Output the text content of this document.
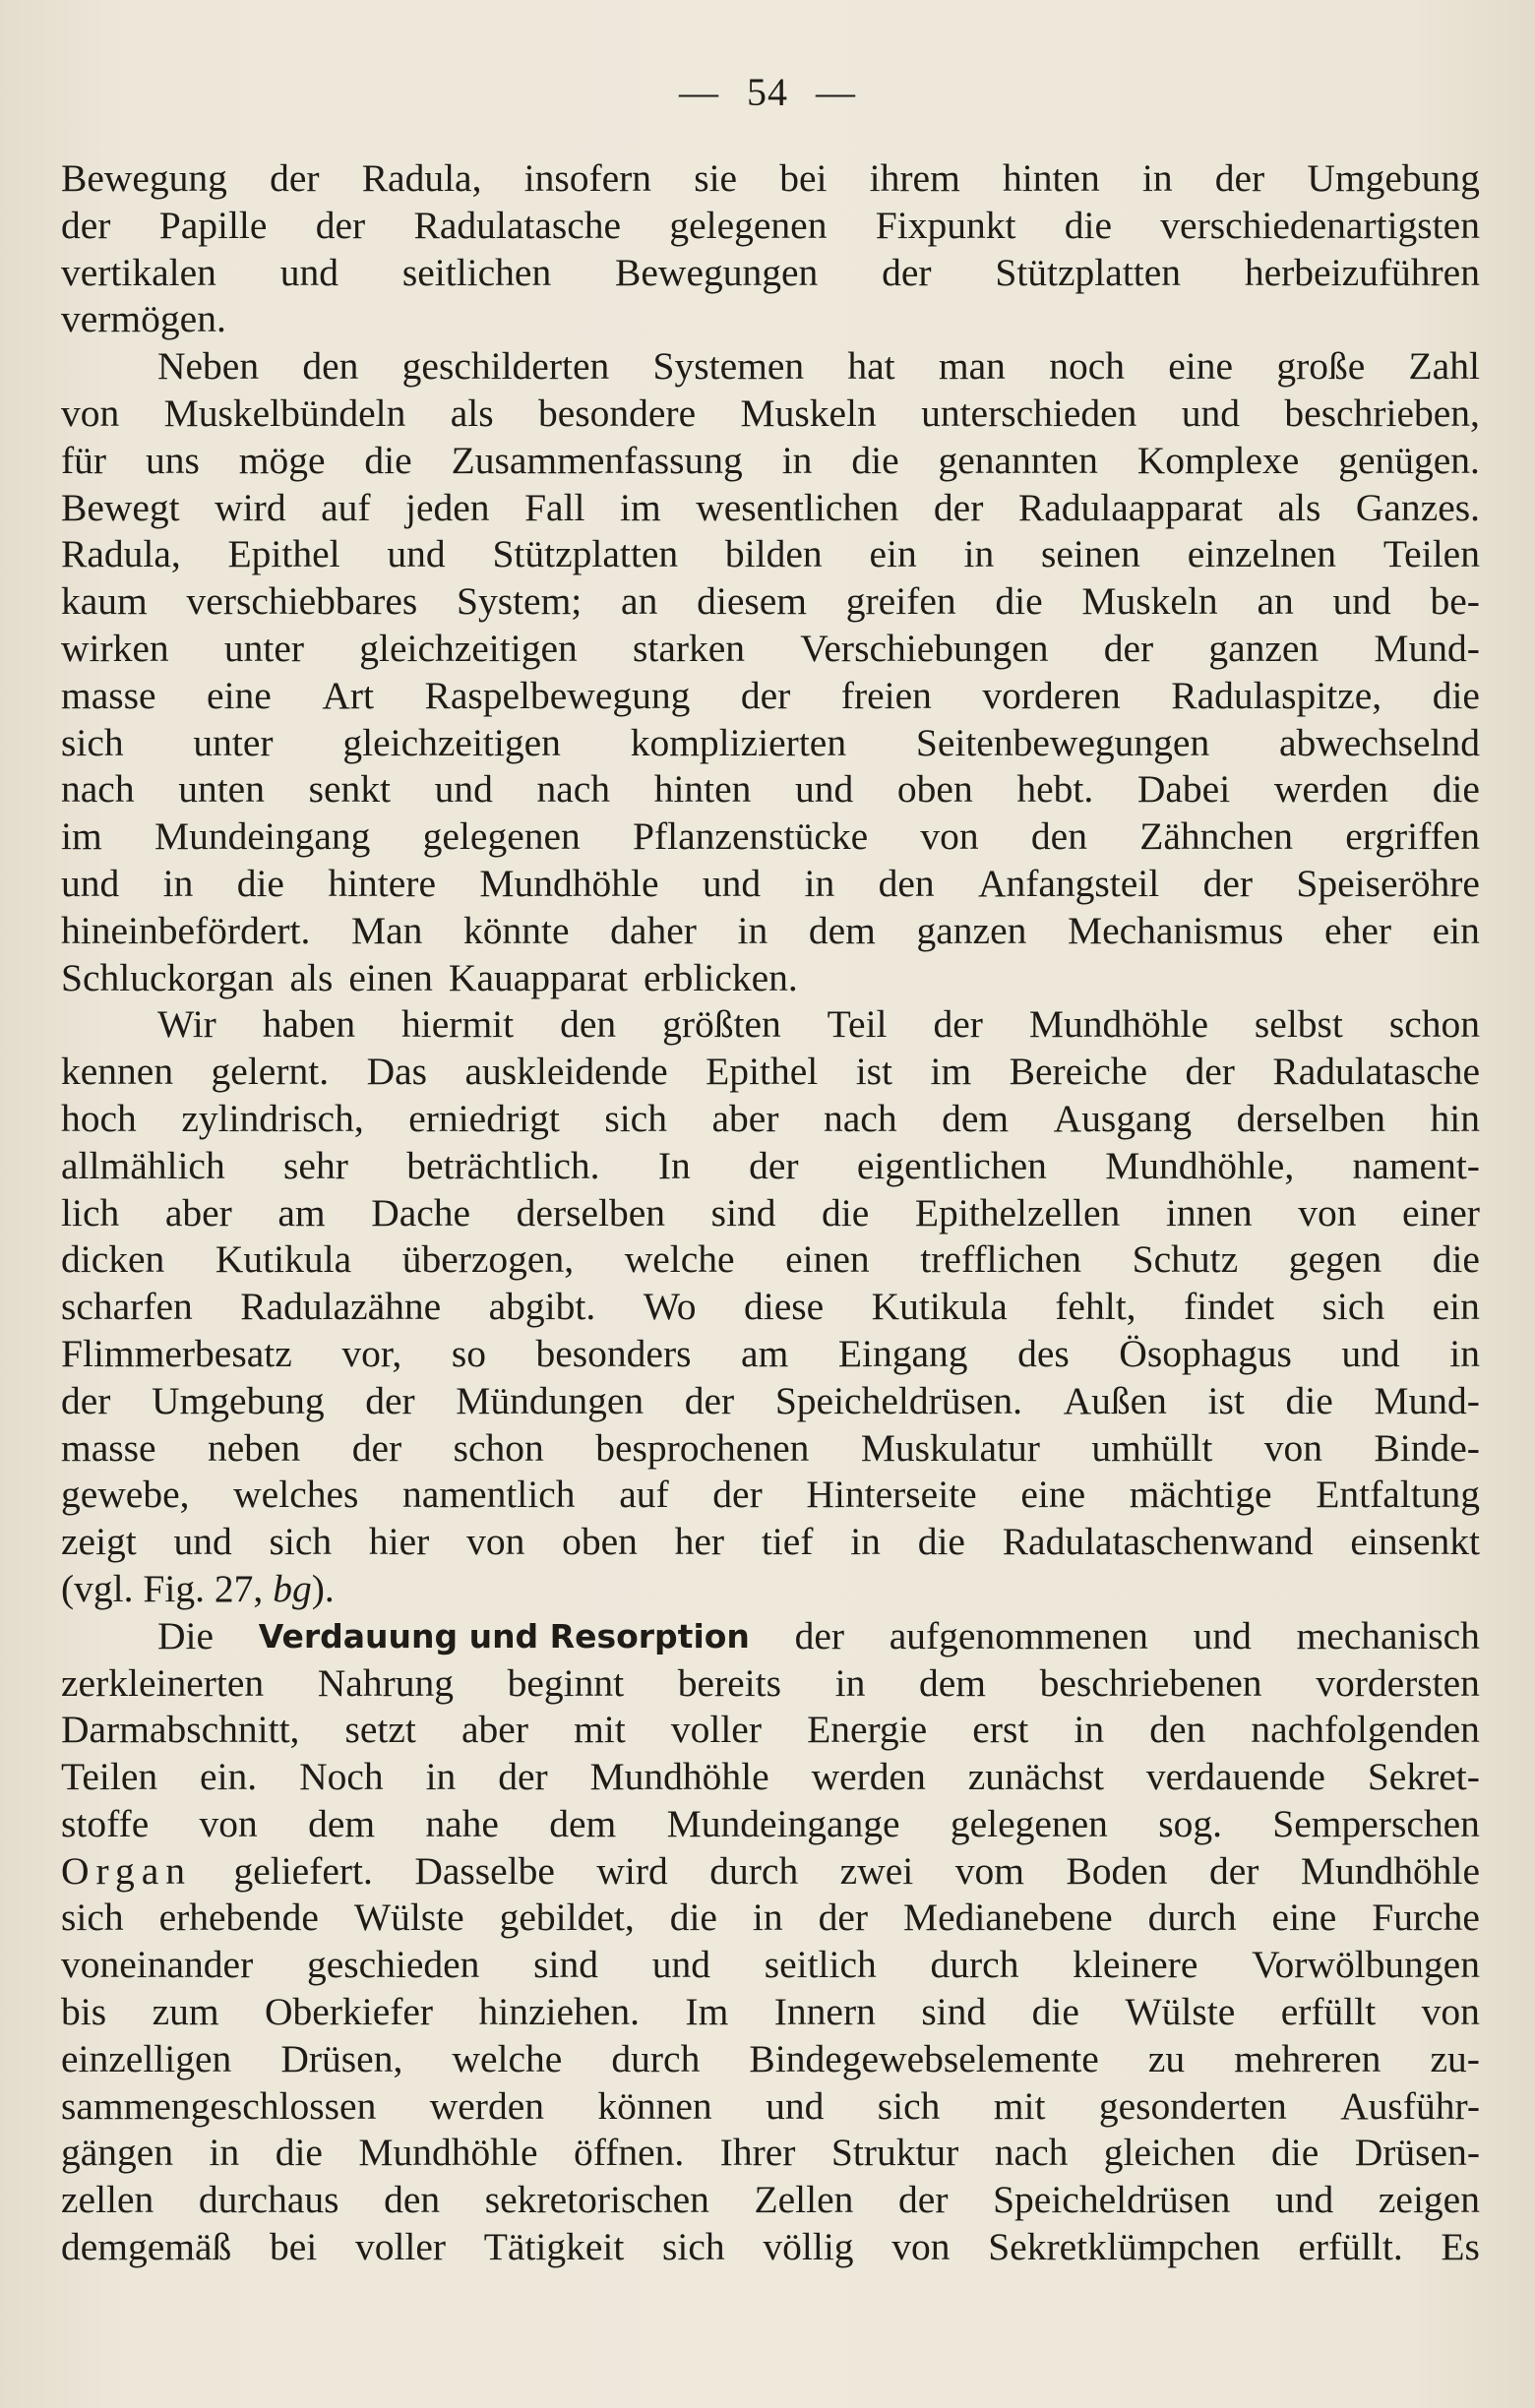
— 54 —
Bewegung der Radula, insofern sie bei ihrem hinten in der Umgebung
der Papille der Radulatasche gelegenen Fixpunkt die verschiedenartigsten
vertikalen und seitlichen Bewegungen der Stützplatten herbeizuführen
vermögen.
Neben den geschilderten Systemen hat man noch eine große Zahl
von Muskelbündeln als besondere Muskeln unterschieden und beschrieben,
für uns möge die Zusammenfassung in die genannten Komplexe genügen.
Bewegt wird auf jeden Fall im wesentlichen der Radulaapparat als Ganzes.
Radula, Epithel und Stützplatten bilden ein in seinen einzelnen Teilen
kaum verschiebbares System; an diesem greifen die Muskeln an und be-
wirken unter gleichzeitigen starken Verschiebungen der ganzen Mund-
masse eine Art Raspelbewegung der freien vorderen Radulaspitze, die
sich unter gleichzeitigen komplizierten Seitenbewegungen abwechselnd
nach unten senkt und nach hinten und oben hebt. Dabei werden die
im Mundeingang gelegenen Pflanzenstücke von den Zähnchen ergriffen
und in die hintere Mundhöhle und in den Anfangsteil der Speiseröhre
hineinbefördert. Man könnte daher in dem ganzen Mechanismus eher ein
Schluckorgan als einen Kauapparat erblicken.
Wir haben hiermit den größten Teil der Mundhöhle selbst schon
kennen gelernt. Das auskleidende Epithel ist im Bereiche der Radulatasche
hoch zylindrisch, erniedrigt sich aber nach dem Ausgang derselben hin
allmählich sehr beträchtlich. In der eigentlichen Mundhöhle, nament-
lich aber am Dache derselben sind die Epithelzellen innen von einer
dicken Kutikula überzogen, welche einen trefflichen Schutz gegen die
scharfen Radulazähne abgibt. Wo diese Kutikula fehlt, findet sich ein
Flimmerbesatz vor, so besonders am Eingang des Ösophagus und in
der Umgebung der Mündungen der Speicheldrüsen. Außen ist die Mund-
masse neben der schon besprochenen Muskulatur umhüllt von Binde-
gewebe, welches namentlich auf der Hinterseite eine mächtige Entfaltung
zeigt und sich hier von oben her tief in die Radulataschenwand einsenkt
(vgl. Fig. 27, bg ).
Die Verdauung und Resorption der aufgenommenen und mechanisch
zerkleinerten Nahrung beginnt bereits in dem beschriebenen vordersten
Darmabschnitt, setzt aber mit voller Energie erst in den nachfolgenden
Teilen ein. Noch in der Mundhöhle werden zunächst verdauende Sekret-
stoffe von dem nahe dem Mundeingange gelegenen sog. Semperschen
Organ geliefert. Dasselbe wird durch zwei vom Boden der Mundhöhle
sich erhebende Wülste gebildet, die in der Medianebene durch eine Furche
voneinander geschieden sind und seitlich durch kleinere Vorwölbungen
bis zum Oberkiefer hinziehen. Im Innern sind die Wülste erfüllt von
einzelligen Drüsen, welche durch Bindegewebselemente zu mehreren zu-
sammengeschlossen werden können und sich mit gesonderten Ausführ-
gängen in die Mundhöhle öffnen. Ihrer Struktur nach gleichen die Drüsen-
zellen durchaus den sekretorischen Zellen der Speicheldrüsen und zeigen
demgemäß bei voller Tätigkeit sich völlig von Sekretklümpchen erfüllt. Es
